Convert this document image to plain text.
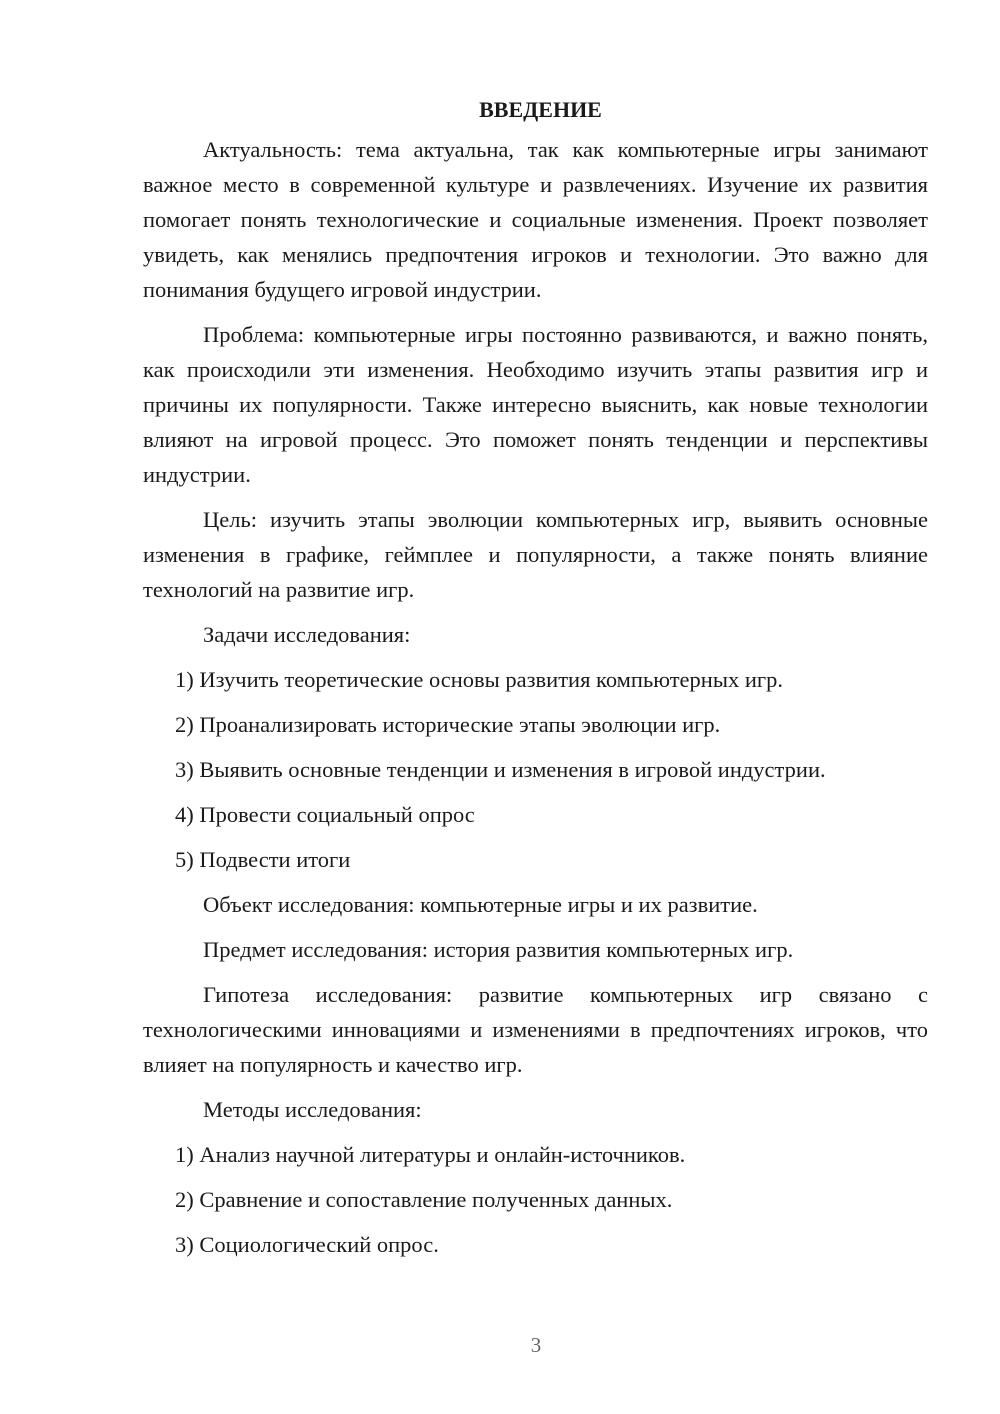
ВВЕДЕНИЕ

Актуальность: тема актуальна, так как компьютерные игры занимают важное место в современной культуре и развлечениях. Изучение их развития помогает понять технологические и социальные изменения. Проект позволяет увидеть, как менялись предпочтения игроков и технологии. Это важно для понимания будущего игровой индустрии.

Проблема: компьютерные игры постоянно развиваются, и важно понять, как происходили эти изменения. Необходимо изучить этапы развития игр и причины их популярности. Также интересно выяснить, как новые технологии влияют на игровой процесс. Это поможет понять тенденции и перспективы индустрии.

Цель: изучить этапы эволюции компьютерных игр, выявить основные изменения в графике, геймплее и популярности, а также понять влияние технологий на развитие игр.

Задачи исследования:
1) Изучить теоретические основы развития компьютерных игр.
2) Проанализировать исторические этапы эволюции игр.
3) Выявить основные тенденции и изменения в игровой индустрии.
4) Провести социальный опрос
5) Подвести итоги
Объект исследования: компьютерные игры и их развитие.
Предмет исследования: история развития компьютерных игр.

Гипотеза исследования: развитие компьютерных игр связано с технологическими инновациями и изменениями в предпочтениях игроков, что влияет на популярность и качество игр.

Методы исследования:
1) Анализ научной литературы и онлайн-источников.
2) Сравнение и сопоставление полученных данных.
3) Социологический опрос.
3
